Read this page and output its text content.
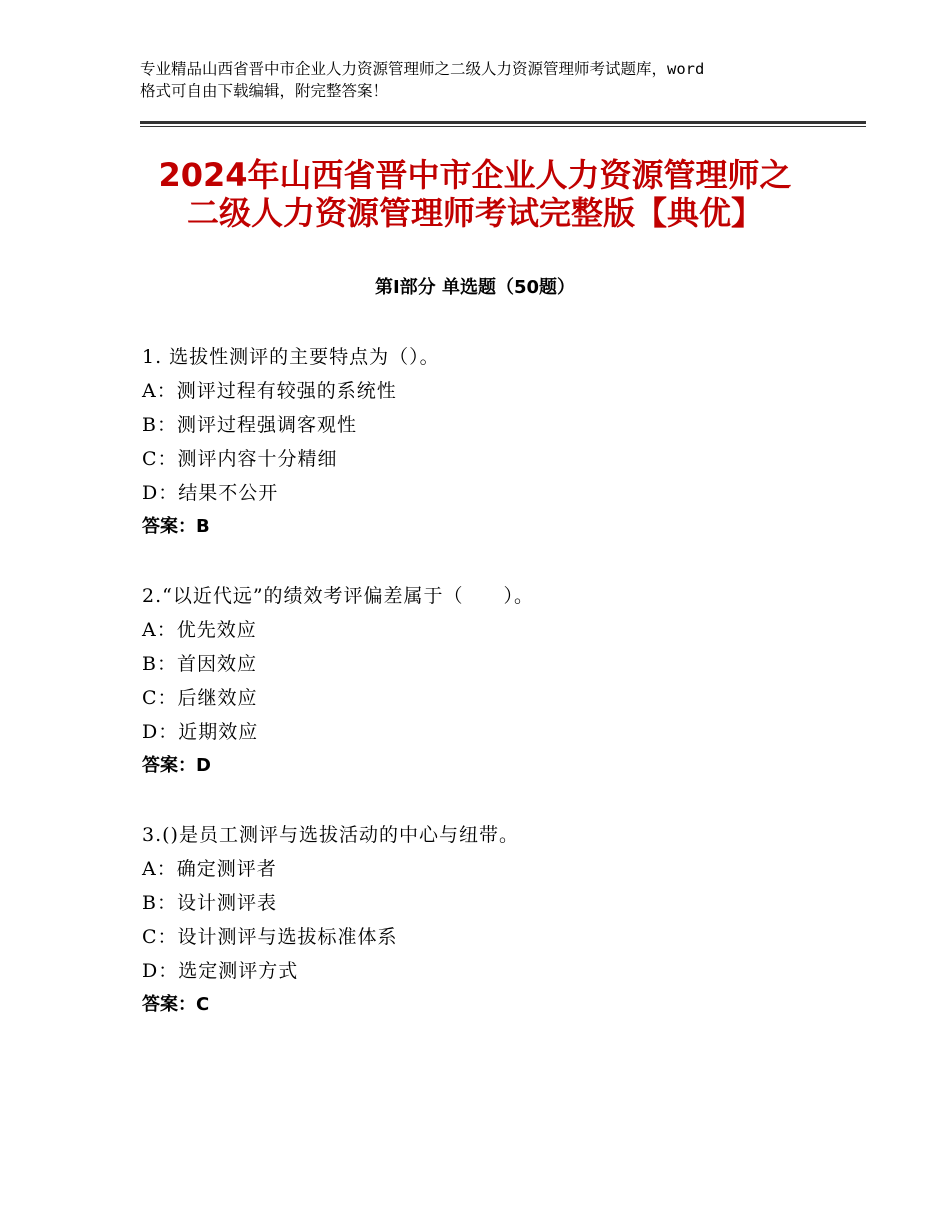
专业精品山西省晋中市企业人力资源管理师之二级人力资源管理师考试题库，word
格式可自由下载编辑，附完整答案！
2024年山西省晋中市企业人力资源管理师之
二级人力资源管理师考试完整版【典优】
第Ⅰ部分 单选题（50题）
1. 选拔性测评的主要特点为（）。
A：测评过程有较强的系统性
B：测评过程强调客观性
C：测评内容十分精细
D：结果不公开
答案：B
2.“以近代远”的绩效考评偏差属于（　　）。
A：优先效应
B：首因效应
C：后继效应
D：近期效应
答案：D
3.()是员工测评与选拔活动的中心与纽带。
A：确定测评者
B：设计测评表
C：设计测评与选拔标准体系
D：选定测评方式
答案：C
